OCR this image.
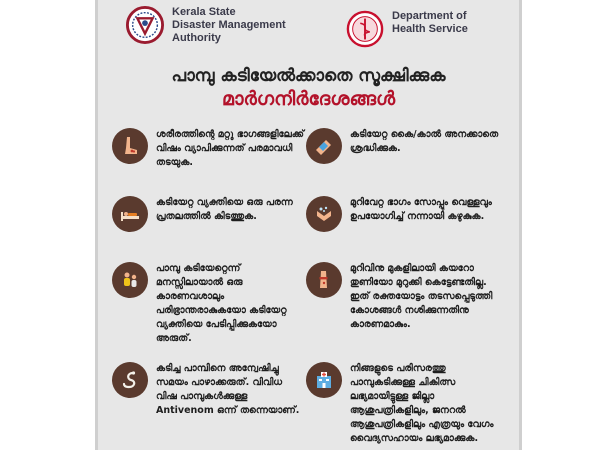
Kerala State
Disaster Management
Authority
Department of
Health Service
പാമ്പു കടിയേൽക്കാതെ സൂക്ഷിക്കുക
മാർഗനിർദേശങ്ങൾ
ശരീരത്തിന്റെ മറ്റു ഭാഗങ്ങളിലേക്ക്
വിഷം വ്യാപിക്കുന്നത് പരമാവധി
തടയുക.
കടിയേറ്റ കൈ/കാൽ അനക്കാതെ
ശ്രദ്ധിക്കുക.
കടിയേറ്റ വ്യക്തിയെ ഒരു പരന്ന
പ്രതലത്തിൽ കിടത്തുക.
മുറിവേറ്റ ഭാഗം സോപ്പും വെള്ളവും
ഉപയോഗിച്ച് നന്നായി കഴുകുക.
പാമ്പു കടിയേറ്റെന്ന്
മനസ്സിലായാൽ ഒരു
കാരണവശാലും
പരിഭ്രാന്തരാകുകയോ കടിയേറ്റ
വ്യക്തിയെ പേടിപ്പിക്കുകയോ
അരുത്.
മുറിവിനു മുകളിലായി കയറോ
തുണിയോ മുറുക്കി കെട്ടേണ്ടതില്ല.
ഇത് രക്തയോട്ടം തടസപ്പെടുത്തി
കോശങ്ങൾ നശിക്കുന്നതിനു
കാരണമാകും.
കടിച്ച പാമ്പിനെ അന്വേഷിച്ചു
സമയം പാഴാക്കരുത്. വിവിധ
വിഷ പാമ്പുകൾക്കുള്ള
Antivenom ഒന്ന് തന്നെയാണ്.
നിങ്ങളുടെ പരിസരത്തു
പാമ്പുകടിക്കുള്ള ചികിത്സ
ലഭ്യമായിട്ടുള്ള ജില്ലാ
ആശുപത്രികളിലും, ജനറൽ
ആശുപത്രികളിലും എത്രയും വേഗം
വൈദ്യസഹായം ലഭ്യമാക്കുക.
